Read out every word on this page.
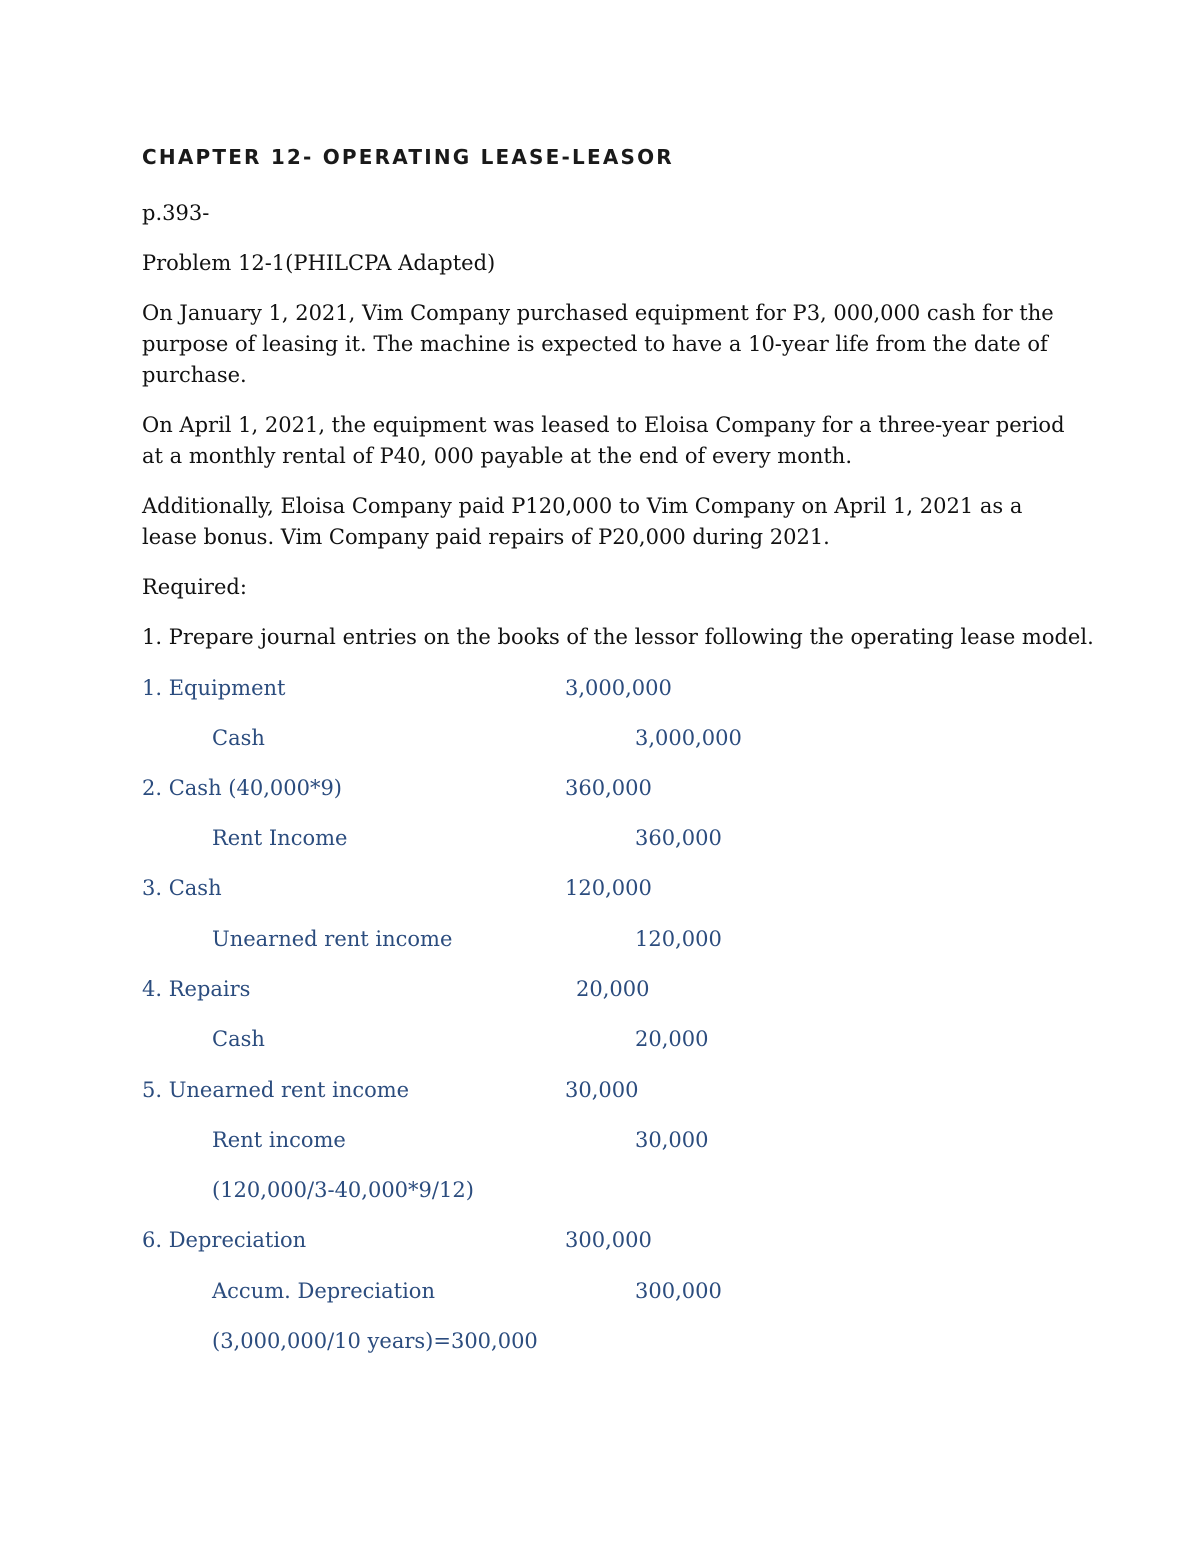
CHAPTER 12- OPERATING LEASE-LEASOR
p.393-
Problem 12-1(PHILCPA Adapted)
On January 1, 2021, Vim Company purchased equipment for P3, 000,000 cash for the purpose of leasing it. The machine is expected to have a 10-year life from the date of purchase.
On April 1, 2021, the equipment was leased to Eloisa Company for a three-year period at a monthly rental of P40, 000 payable at the end of every month.
Additionally, Eloisa Company paid P120,000 to Vim Company on April 1, 2021 as a lease bonus. Vim Company paid repairs of P20,000 during 2021.
Required:
1. Prepare journal entries on the books of the lessor following the operating lease model.
1. Equipment	3,000,000
Cash	3,000,000
2. Cash (40,000*9)	360,000
Rent Income	360,000
3. Cash	120,000
Unearned rent income	120,000
4. Repairs	20,000
Cash	20,000
5. Unearned rent income	30,000
Rent income	30,000
(120,000/3-40,000*9/12)
6. Depreciation	300,000
Accum. Depreciation	300,000
(3,000,000/10 years)=300,000
